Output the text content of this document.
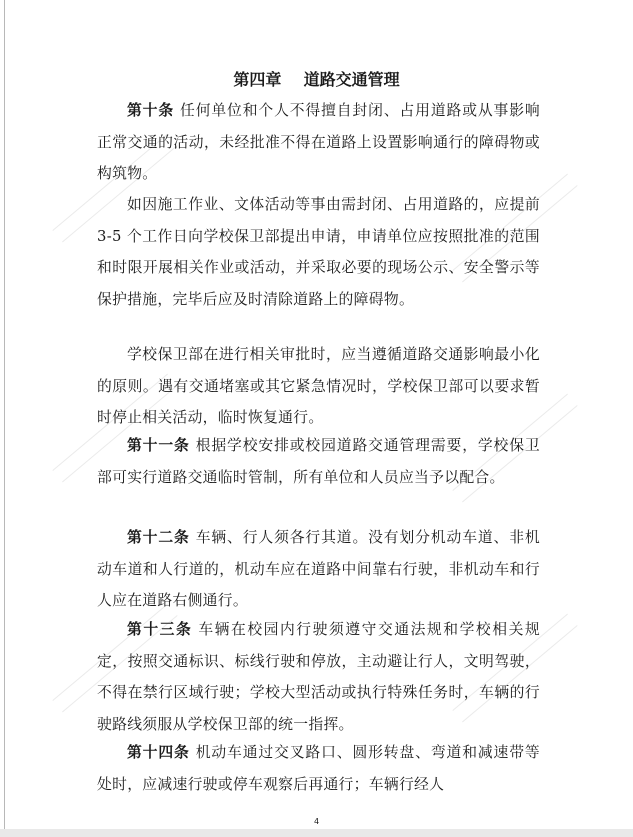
第四章    道路交通管理

第十条 任何单位和个人不得擅自封闭、占用道路或从事影响正常交通的活动，未经批准不得在道路上设置影响通行的障碍物或构筑物。

如因施工作业、文体活动等事由需封闭、占用道路的，应提前 3-5 个工作日向学校保卫部提出申请，申请单位应按照批准的范围和时限开展相关作业或活动，并采取必要的现场公示、安全警示等保护措施，完毕后应及时清除道路上的障碍物。

学校保卫部在进行相关审批时，应当遵循道路交通影响最小化的原则。遇有交通堵塞或其它紧急情况时，学校保卫部可以要求暂时停止相关活动，临时恢复通行。

第十一条 根据学校安排或校园道路交通管理需要，学校保卫部可实行道路交通临时管制，所有单位和人员应当予以配合。

第十二条 车辆、行人须各行其道。没有划分机动车道、非机动车道和人行道的，机动车应在道路中间靠右行驶，非机动车和行人应在道路右侧通行。

第十三条 车辆在校园内行驶须遵守交通法规和学校相关规定，按照交通标识、标线行驶和停放，主动避让行人，文明驾驶，不得在禁行区域行驶；学校大型活动或执行特殊任务时，车辆的行驶路线须服从学校保卫部的统一指挥。

第十四条 机动车通过交叉路口、圆形转盘、弯道和减速带等处时，应减速行驶或停车观察后再通行；车辆行经人

4
